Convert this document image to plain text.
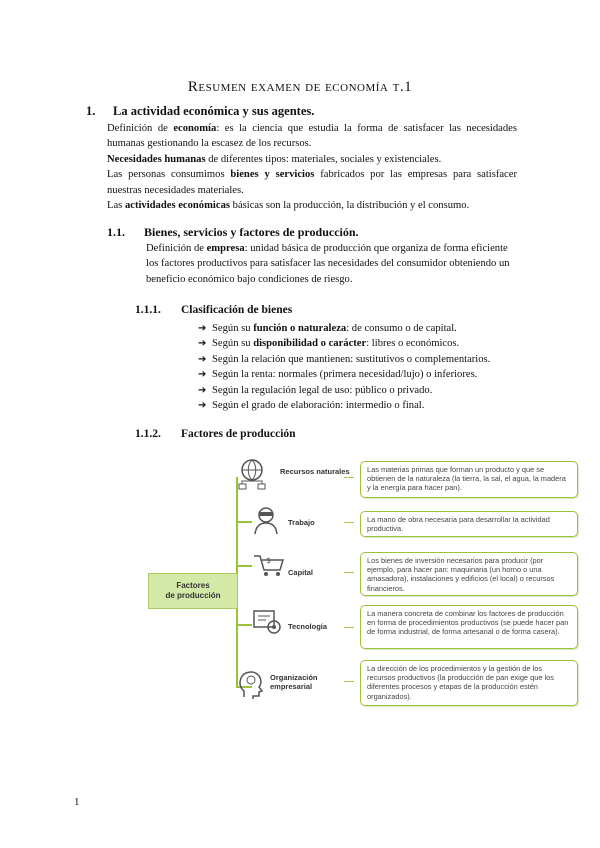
Resumen examen de economía t.1
1. La actividad económica y sus agentes.

Definición de economía: es la ciencia que estudia la forma de satisfacer las necesidades humanas gestionando la escasez de los recursos.

Necesidades humanas de diferentes tipos: materiales, sociales y existenciales.

Las personas consumimos bienes y servicios fabricados por las empresas para satisfacer nuestras necesidades materiales.

Las actividades económicas básicas son la producción, la distribución y el consumo.

1.1. Bienes, servicios y factores de producción.
Definición de empresa: unidad básica de producción que organiza de forma eficiente los factores productivos para satisfacer las necesidades del consumidor obteniendo un beneficio económico bajo condiciones de riesgo.
1.1.1. Clasificación de bienes
➔ Según su función o naturaleza: de consumo o de capital.
➔ Según su disponibilidad o carácter: libres o económicos.
➔ Según la relación que mantienen: sustitutivos o complementarios.
➔ Según la renta: normales (primera necesidad/lujo) o inferiores.
➔ Según la regulación legal de uso: público o privado.
➔ Según el grado de elaboración: intermedio o final.
1.1.2. Factores de producción
Factores
de producción
Recursos naturales	Las materias primas que forman un producto y que se obtienen de la naturaleza (la tierra, la sal, el agua, la madera y la energía para hacer pan).
Trabajo	La mano de obra necesaria para desarrollar la actividad productiva.
$
Capital
Los bienes de inversión necesarios para producir (por ejemplo, para hacer pan: maquinaria (un horno o una amasadora), instalaciones y edificios (el local) o recursos financieros.
Tecnología
La manera concreta de combinar los factores de producción en forma de procedimientos productivos (se puede hacer pan de forma industrial, de forma artesanal o de forma casera).
Organización empresarial
La dirección de los procedimientos y la gestión de los recursos productivos (la producción de pan exige que los diferentes procesos y etapas de la producción estén organizados).
1
